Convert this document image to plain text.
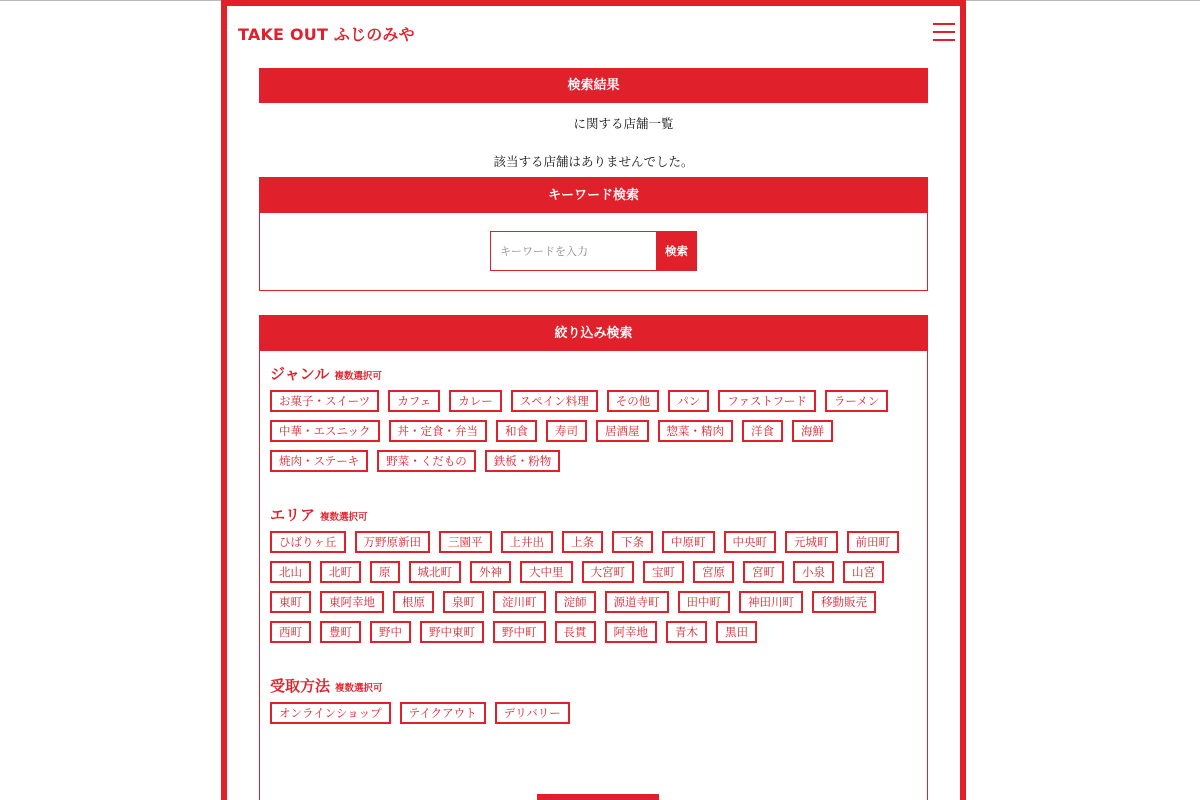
TAKE OUT ふじのみや
検索結果
に関する店舗一覧
該当する店舗はありませんでした。
キーワード検索
キーワードを入力
検索
絞り込み検索
ジャンル 複数選択可
お菓子・スイーツ	カフェ	カレー	スペイン料理	その他	パン	ファストフード	ラーメン
中華・エスニック	丼・定食・弁当	和食	寿司	居酒屋	惣菜・精肉	洋食	海鮮
焼肉・ステーキ	野菜・くだもの	鉄板・粉物
エリア 複数選択可
ひばりヶ丘	万野原新田	三園平	上井出	上条	下条	中原町	中央町	元城町	前田町
北山	北町	原	城北町	外神	大中里	大宮町	宝町	宮原	宮町	小泉	山宮
東町	東阿幸地	根原	泉町	淀川町	淀師	源道寺町	田中町	神田川町	移動販売
西町	豊町	野中	野中東町	野中町	長貫	阿幸地	青木	黒田
受取方法 複数選択可
オンラインショップ	テイクアウト	デリバリー
